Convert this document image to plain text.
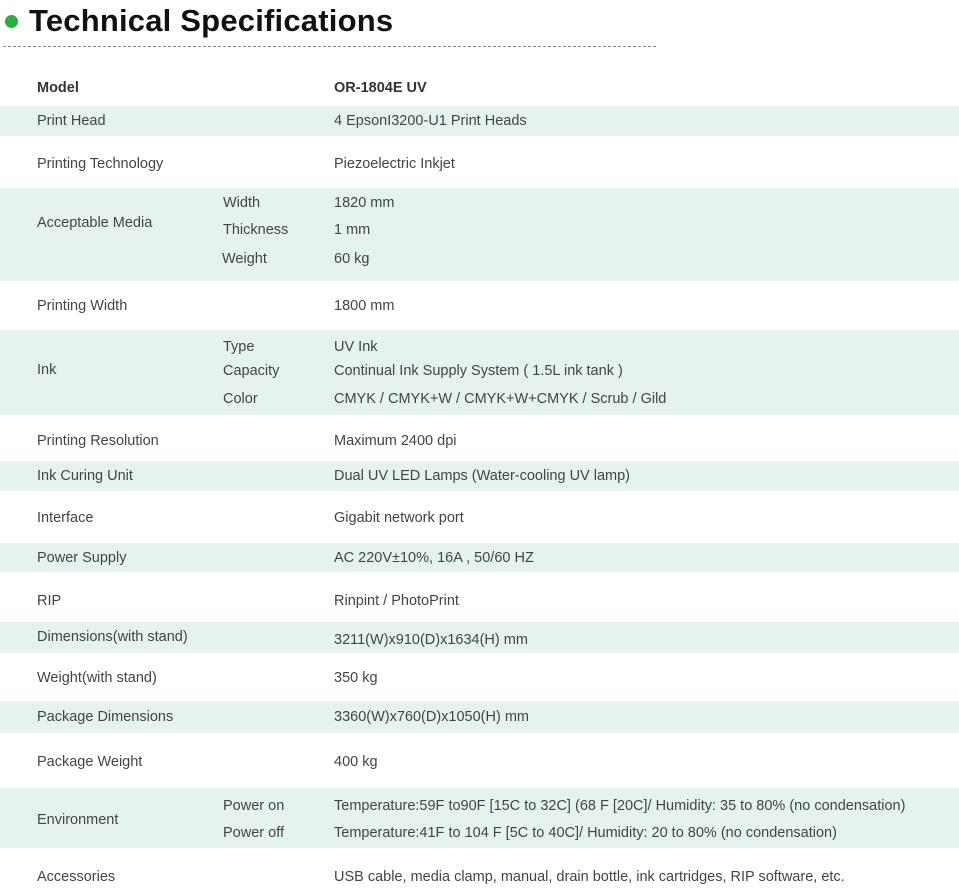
Technical Specifications
Model	OR-1804E UV
Print Head	4 EpsonI3200-U1 Print Heads
Printing Technology	Piezoelectric Inkjet
Acceptable Media
Width	1820 mm
Thickness	1 mm
Weight	60 kg
Printing Width	1800 mm
Ink
Type	UV Ink
Capacity	Continual Ink Supply System ( 1.5L ink tank )
Color	CMYK / CMYK+W / CMYK+W+CMYK / Scrub / Gild
Printing Resolution	Maximum 2400 dpi
Ink Curing Unit	Dual UV LED Lamps (Water-cooling UV lamp)
Interface	Gigabit network port
Power Supply	AC 220V±10%, 16A , 50/60 HZ
RIP	Rinpint / PhotoPrint
Dimensions(with stand)	3211(W)x910(D)x1634(H) mm
Weight(with stand)	350 kg
Package Dimensions	3360(W)x760(D)x1050(H) mm
Package Weight	400 kg
Environment
Power on	Temperature:59F to90F [15C to 32C] (68 F [20C]/ Humidity: 35 to 80% (no condensation)
Power off	Temperature:41F to 104 F [5C to 40C]/ Humidity: 20 to 80% (no condensation)
Accessories	USB cable, media clamp, manual, drain bottle, ink cartridges, RIP software, etc.
